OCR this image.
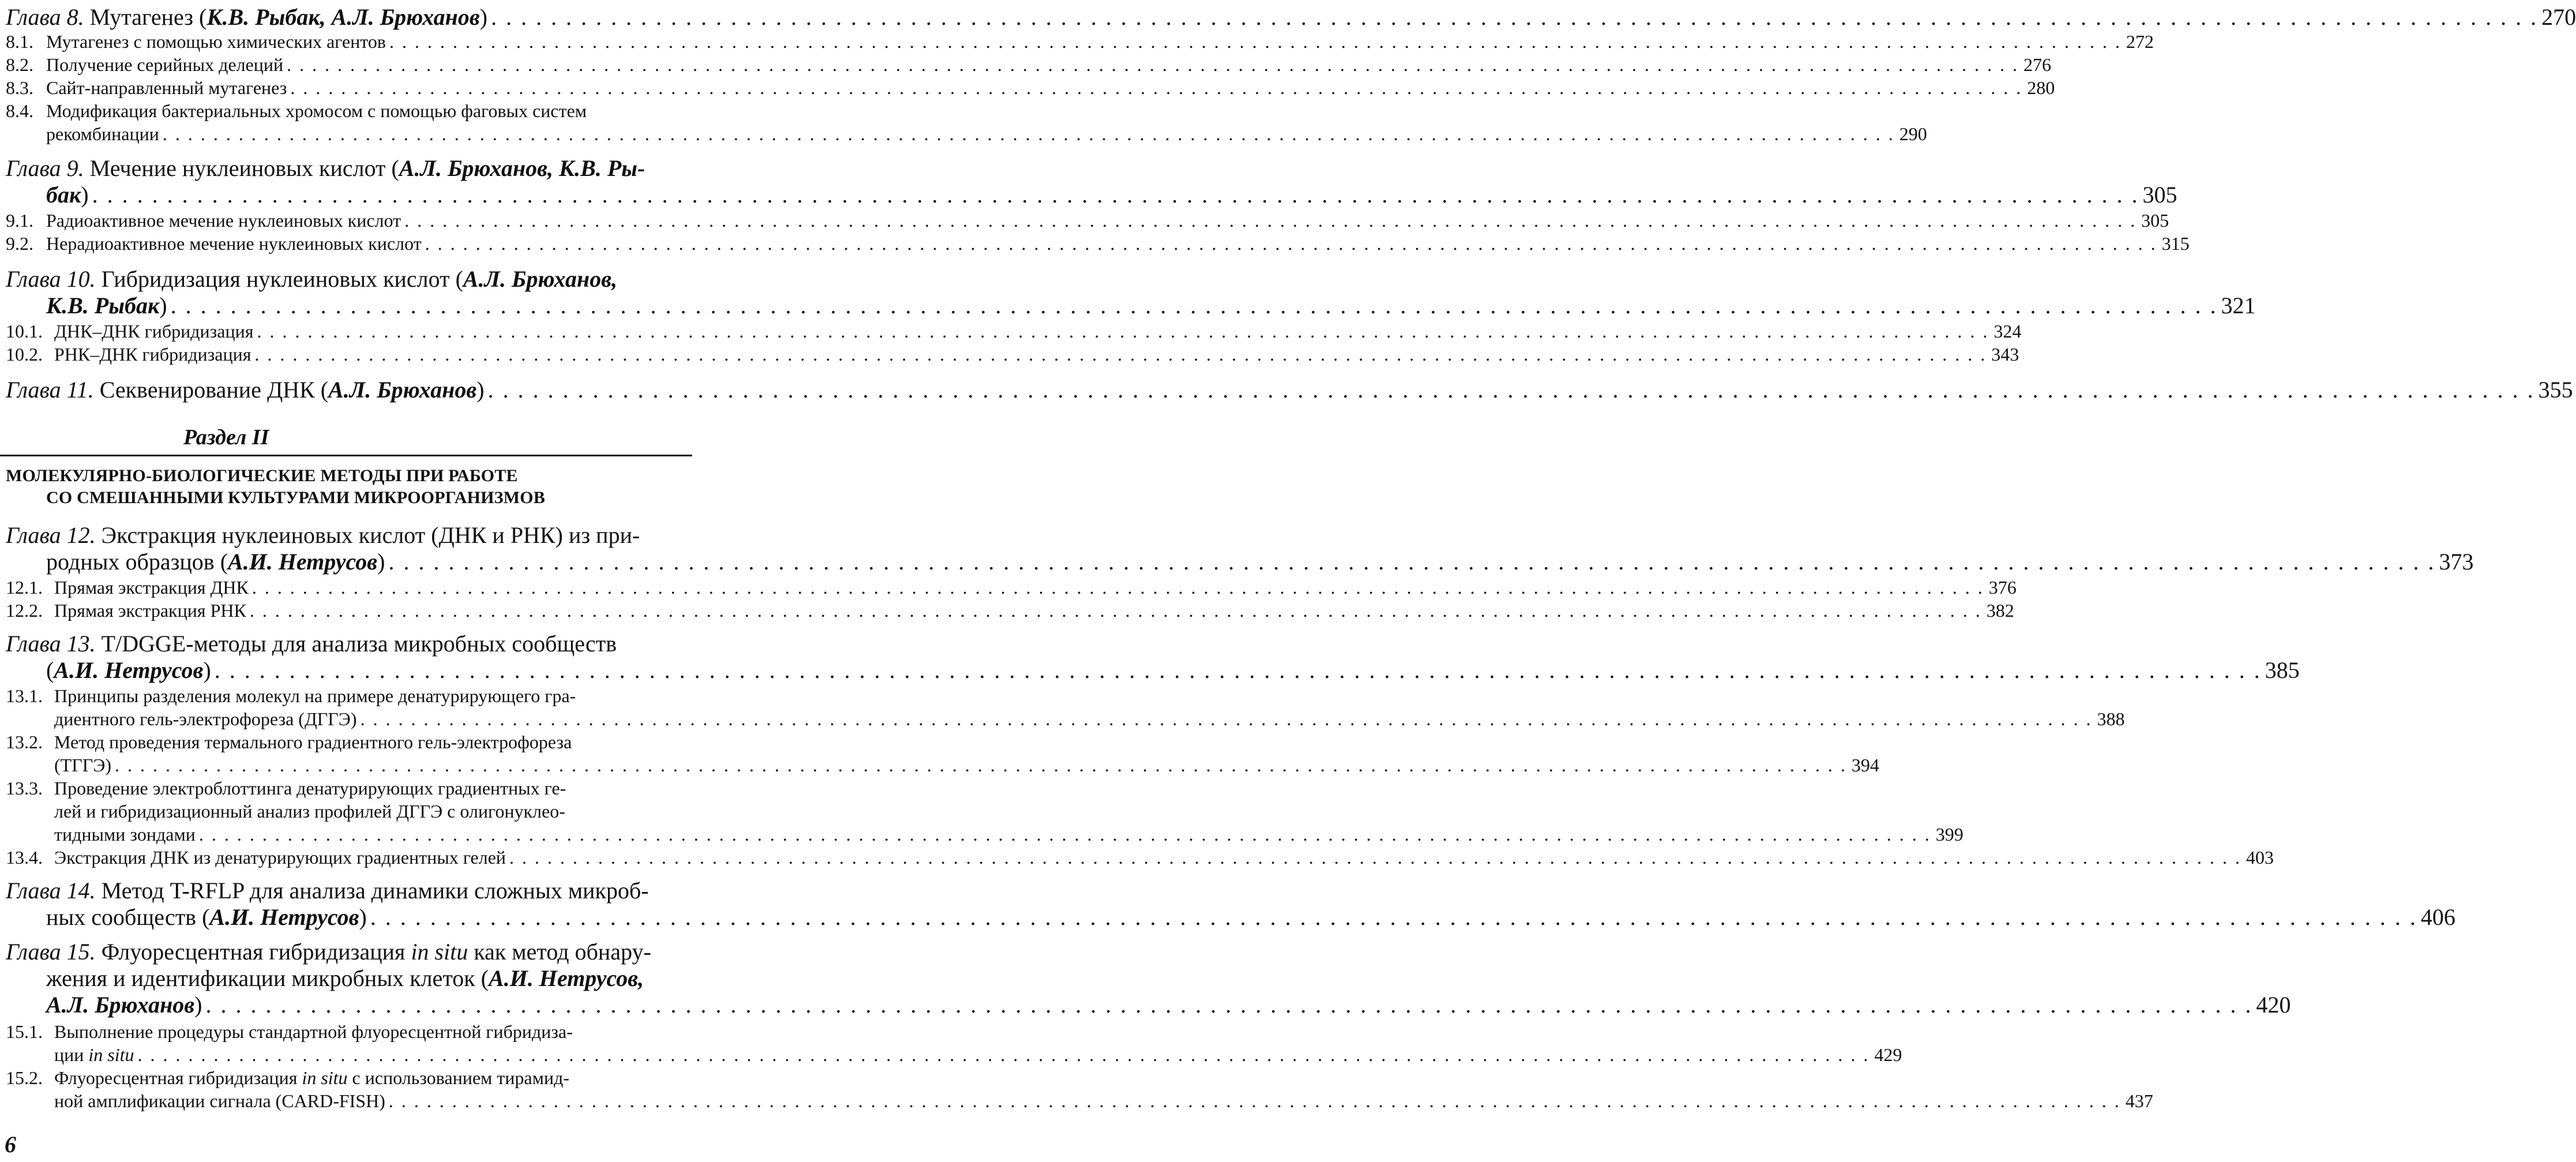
Глава 8. Мутагенез (К.В. Рыбак, А.Л. Брюханов) . . .	270
8.1. Мутагенез с помощью химических агентов . . .	272
8.2. Получение серийных делеций . . .	276
8.3. Сайт-направленный мутагенез . . .	280
8.4. Модификация бактериальных хромосом с помощью фаговых систем
рекомбинации . . .	290
Глава 9. Мечение нуклеиновых кислот (А.Л. Брюханов, К.В. Ры-
бак) . . .	305
9.1. Радиоактивное мечение нуклеиновых кислот . . .	305
9.2. Нерадиоактивное мечение нуклеиновых кислот . . .	315
Глава 10. Гибридизация нуклеиновых кислот (А.Л. Брюханов,
К.В. Рыбак) . . .	321
10.1. ДНК–ДНК гибридизация . . .	324
10.2. РНК–ДНК гибридизация . . .	343
Глава 11. Секвенирование ДНК (А.Л. Брюханов) . . .	355
Раздел II
МОЛЕКУЛЯРНО-БИОЛОГИЧЕСКИЕ МЕТОДЫ ПРИ РАБОТЕ
СО СМЕШАННЫМИ КУЛЬТУРАМИ МИКРООРГАНИЗМОВ
Глава 12. Экстракция нуклеиновых кислот (ДНК и РНК) из при-
родных образцов (А.И. Нетрусов) . . .	373
12.1. Прямая экстракция ДНК . . .	376
12.2. Прямая экстракция РНК . . .	382
Глава 13. T/DGGE-методы для анализа микробных сообществ
(А.И. Нетрусов) . . .	385
13.1. Принципы разделения молекул на примере денатурирующего гра-
диентного гель-электрофореза (ДГГЭ) . . .	388
13.2. Метод проведения термального градиентного гель-электрофореза
(ТГГЭ) . . .	394
13.3. Проведение электроблоттинга денатурирующих градиентных ге-
лей и гибридизационный анализ профилей ДГГЭ с олигонуклео-
тидными зондами . . .	399
13.4. Экстракция ДНК из денатурирующих градиентных гелей . . .	403
Глава 14. Метод T-RFLP для анализа динамики сложных микроб-
ных сообществ (А.И. Нетрусов) . . .	406
Глава 15. Флуоресцентная гибридизация in situ как метод обнару-
жения и идентификации микробных клеток (А.И. Нетрусов,
А.Л. Брюханов) . . .	420
15.1. Выполнение процедуры стандартной флуоресцентной гибридиза-
ции in situ . . .	429
15.2. Флуоресцентная гибридизация in situ с использованием тирамид-
ной амплификации сигнала (CARD-FISH) . . .	437
6
